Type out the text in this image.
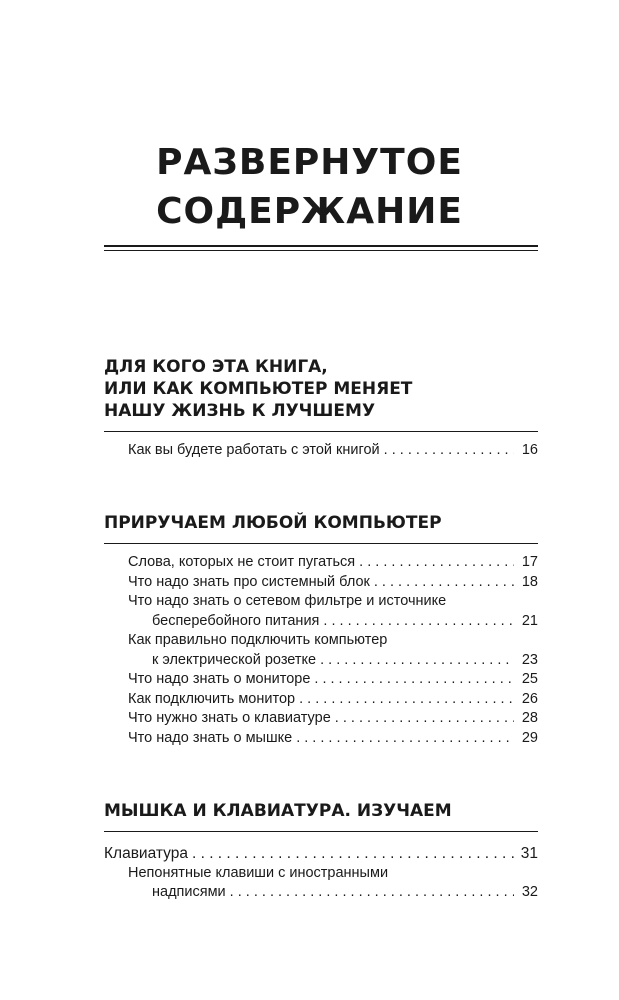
РАЗВЕРНУТОЕ
СОДЕРЖАНИЕ
ДЛЯ КОГО ЭТА КНИГА,
ИЛИ КАК КОМПЬЮТЕР МЕНЯЕТ
НАШУ ЖИЗНЬ К ЛУЧШЕМУ
Как вы будете работать с этой книгой . . .	16
ПРИРУЧАЕМ ЛЮБОЙ КОМПЬЮТЕР
Слова, которых не стоит пугаться . . .	17
Что надо знать про системный блок . . .	18
Что надо знать о сетевом фильтре и источнике
бесперебойного питания . . .	21
Как правильно подключить компьютер
к электрической розетке . . .	23
Что надо знать о мониторе . . .	25
Как подключить монитор . . .	26
Что нужно знать о клавиатуре . . .	28
Что надо знать о мышке . . .	29
МЫШКА И КЛАВИАТУРА. ИЗУЧАЕМ
Клавиатура . . .	31
Непонятные клавиши с иностранными
надписями . . .	32
